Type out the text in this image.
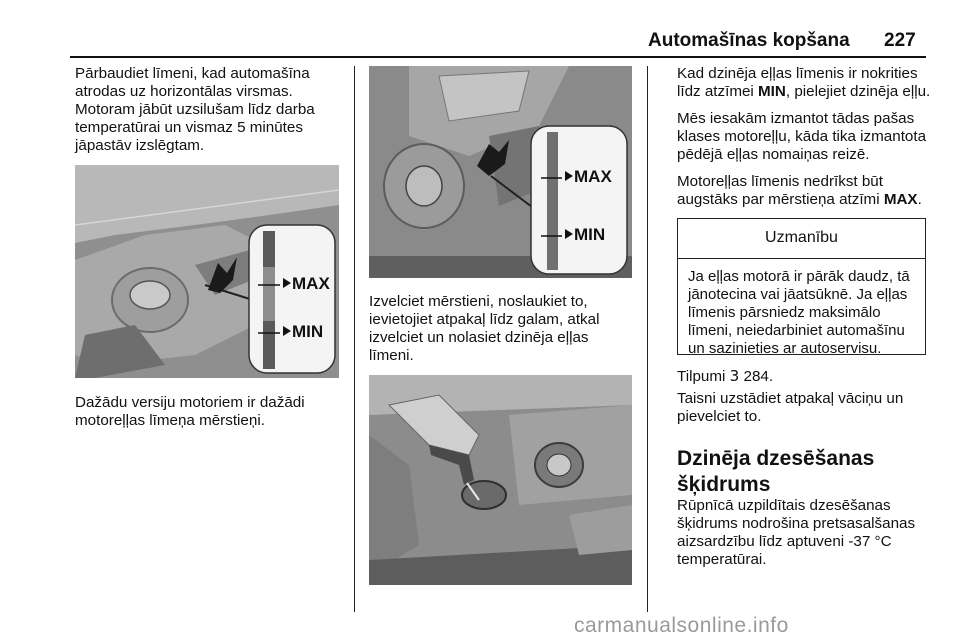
Automašīnas kopšana 227
Pārbaudiet līmeni, kad automašīna atrodas uz horizontālas virsmas. Motoram jābūt uzsilušam līdz darba temperatūrai un vismaz 5 minūtes jāpastāv izslēgtam.
MAX
MIN
Dažādu versiju motoriem ir dažādi motoreļļas līmeņa mērstieņi.
MAX
MIN
Izvelciet mērstieni, noslaukiet to, ievietojiet atpakaļ līdz galam, atkal izvelciet un nolasiet dzinēja eļļas līmeni.
Kad dzinēja eļļas līmenis ir nokrities līdz atzīmei MIN, pielejiet dzinēja eļļu.
Mēs iesakām izmantot tādas pašas klases motoreļļu, kāda tika izmantota pēdējā eļļas nomaiņas reizē.
Motoreļļas līmenis nedrīkst būt augstāks par mērstieņa atzīmi MAX.
Uzmanību
Ja eļļas motorā ir pārāk daudz, tā jānotecina vai jāatsūknē. Ja eļļas līmenis pārsniedz maksimālo līmeni, neiedarbiniet automašīnu un sazinieties ar autoservisu.
Tilpumi 3 284.
Taisni uzstādiet atpakaļ vāciņu un pievelciet to.
Dzinēja dzesēšanas šķidrums
Rūpnīcā uzpildītais dzesēšanas šķidrums nodrošina pretsasalšanas aizsardzību līdz aptuveni -37 °C temperatūrai.
carmanualsonline.info
